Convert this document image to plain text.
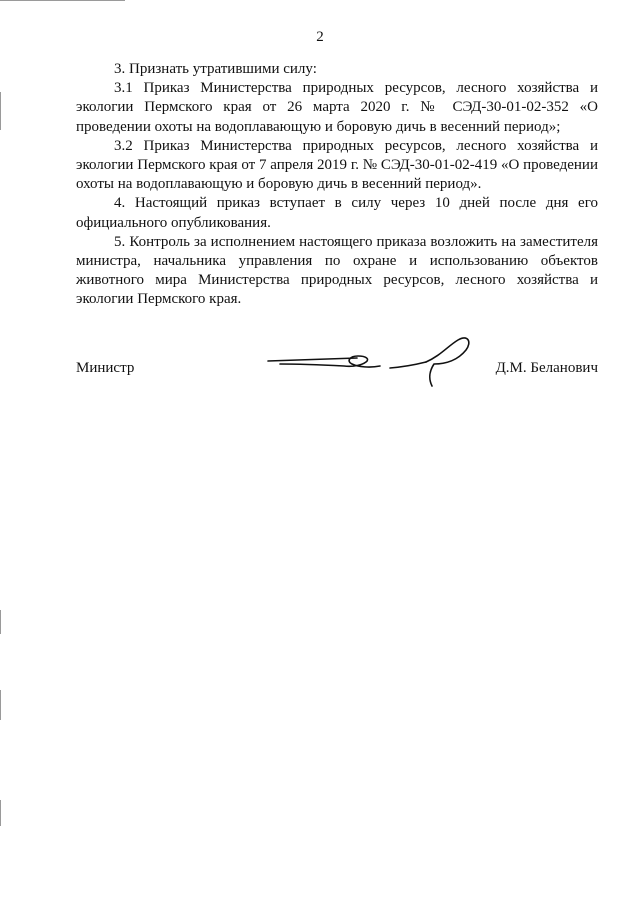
2

3. Признать утратившими силу:

3.1 Приказ Министерства природных ресурсов, лесного хозяйства и экологии Пермского края от 26 марта 2020 г. № СЭД-30-01-02-352 «О проведении охоты на водоплавающую и боровую дичь в весенний период»;

3.2 Приказ Министерства природных ресурсов, лесного хозяйства и экологии Пермского края от 7 апреля 2019 г. № СЭД-30-01-02-419 «О проведении охоты на водоплавающую и боровую дичь в весенний период».

4. Настоящий приказ вступает в силу через 10 дней после дня его официального опубликования.

5. Контроль за исполнением настоящего приказа возложить на заместителя министра, начальника управления по охране и использованию объектов животного мира Министерства природных ресурсов, лесного хозяйства и экологии Пермского края.

Министр	Д.М. Беланович
